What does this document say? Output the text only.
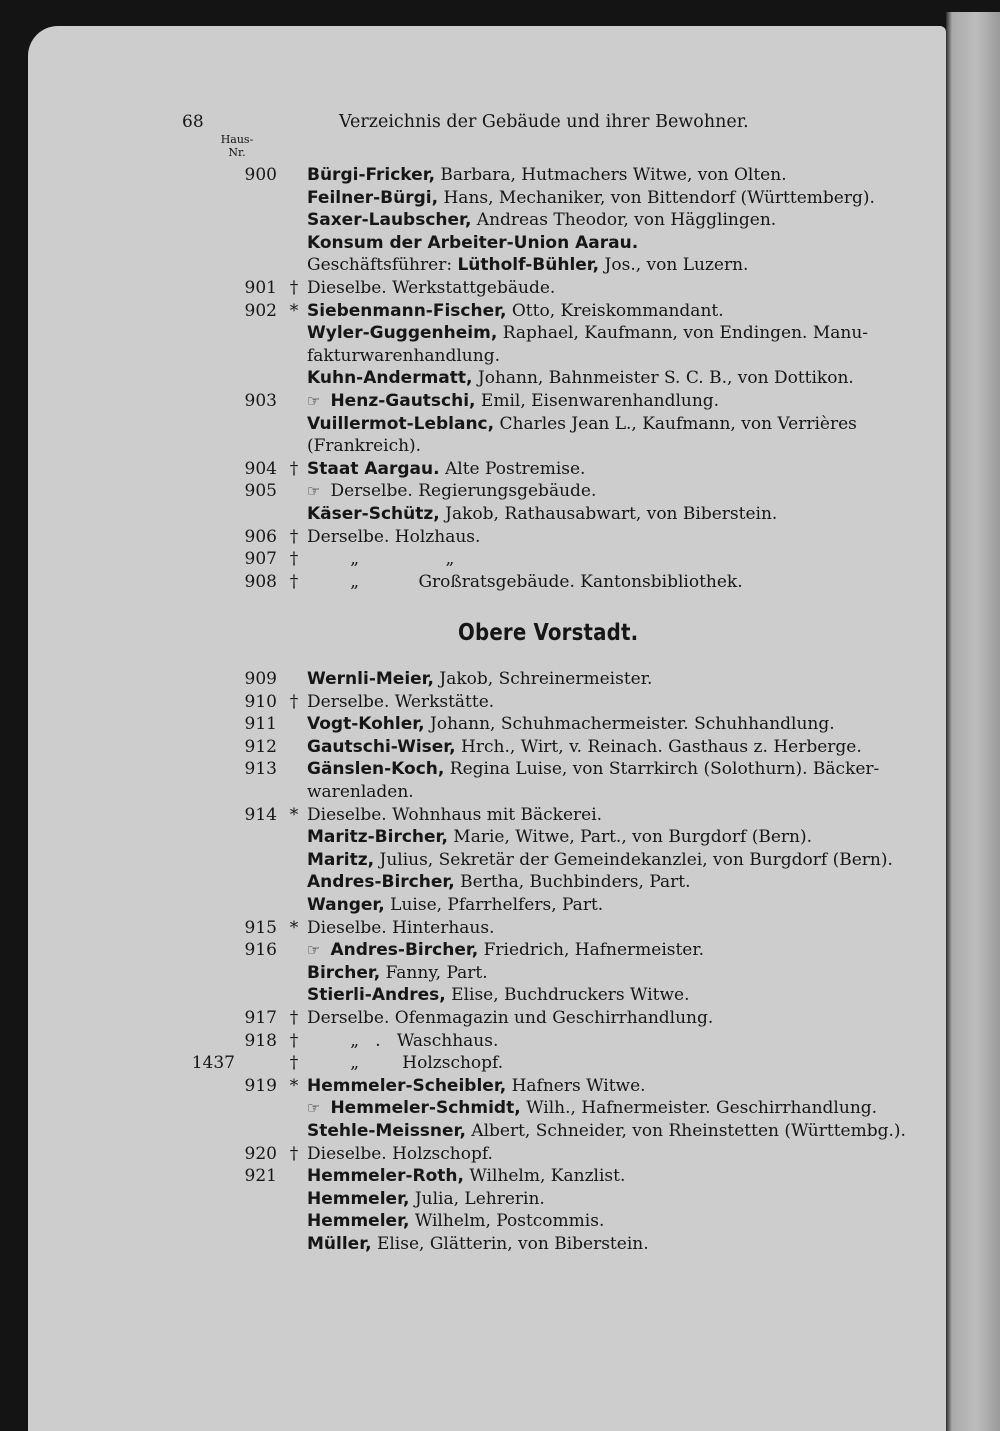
68	Verzeichnis der Gebäude und ihrer Bewohner.
Haus-
Nr.
900 Bürgi-Fricker, Barbara, Hutmachers Witwe, von Olten.
Feilner-Bürgi, Hans, Mechaniker, von Bittendorf (Württemberg).
Saxer-Laubscher, Andreas Theodor, von Hägglingen.
Konsum der Arbeiter-Union Aarau.
Geschäftsführer: Lütholf-Bühler, Jos., von Luzern.
901 † Dieselbe. Werkstattgebäude.
902 * Siebenmann-Fischer, Otto, Kreiskommandant.
Wyler-Guggenheim, Raphael, Kaufmann, von Endingen. Manu-
fakturwarenhandlung.
Kuhn-Andermatt, Johann, Bahnmeister S. C. B., von Dottikon.
903 ☞ Henz-Gautschi, Emil, Eisenwarenhandlung.
Vuillermot-Leblanc, Charles Jean L., Kaufmann, von Verrières
(Frankreich).
904 † Staat Aargau. Alte Postremise.
905 ☞ Derselbe. Regierungsgebäude.
Käser-Schütz, Jakob, Rathausabwart, von Biberstein.
906 † Derselbe. Holzhaus.
907 † „                „
908 † „           Großratsgebäude. Kantonsbibliothek.
Obere Vorstadt.
909 Wernli-Meier, Jakob, Schreinermeister.
910 † Derselbe. Werkstätte.
911 Vogt-Kohler, Johann, Schuhmachermeister. Schuhhandlung.
912 Gautschi-Wiser, Hrch., Wirt, v. Reinach. Gasthaus z. Herberge.
913 Gänslen-Koch, Regina Luise, von Starrkirch (Solothurn). Bäcker-
warenladen.
914 * Dieselbe. Wohnhaus mit Bäckerei.
Maritz-Bircher, Marie, Witwe, Part., von Burgdorf (Bern).
Maritz, Julius, Sekretär der Gemeindekanzlei, von Burgdorf (Bern).
Andres-Bircher, Bertha, Buchbinders, Part.
Wanger, Luise, Pfarrhelfers, Part.
915 * Dieselbe. Hinterhaus.
916 ☞ Andres-Bircher, Friedrich, Hafnermeister.
Bircher, Fanny, Part.
Stierli-Andres, Elise, Buchdruckers Witwe.
917 † Derselbe. Ofenmagazin und Geschirrhandlung.
918 † „   .   Waschhaus.
1437	† „        Holzschopf.
919 * Hemmeler-Scheibler, Hafners Witwe.
☞ Hemmeler-Schmidt, Wilh., Hafnermeister. Geschirrhandlung.
Stehle-Meissner, Albert, Schneider, von Rheinstetten (Württembg.).
920 † Dieselbe. Holzschopf.
921 Hemmeler-Roth, Wilhelm, Kanzlist.
Hemmeler, Julia, Lehrerin.
Hemmeler, Wilhelm, Postcommis.
Müller, Elise, Glätterin, von Biberstein.
